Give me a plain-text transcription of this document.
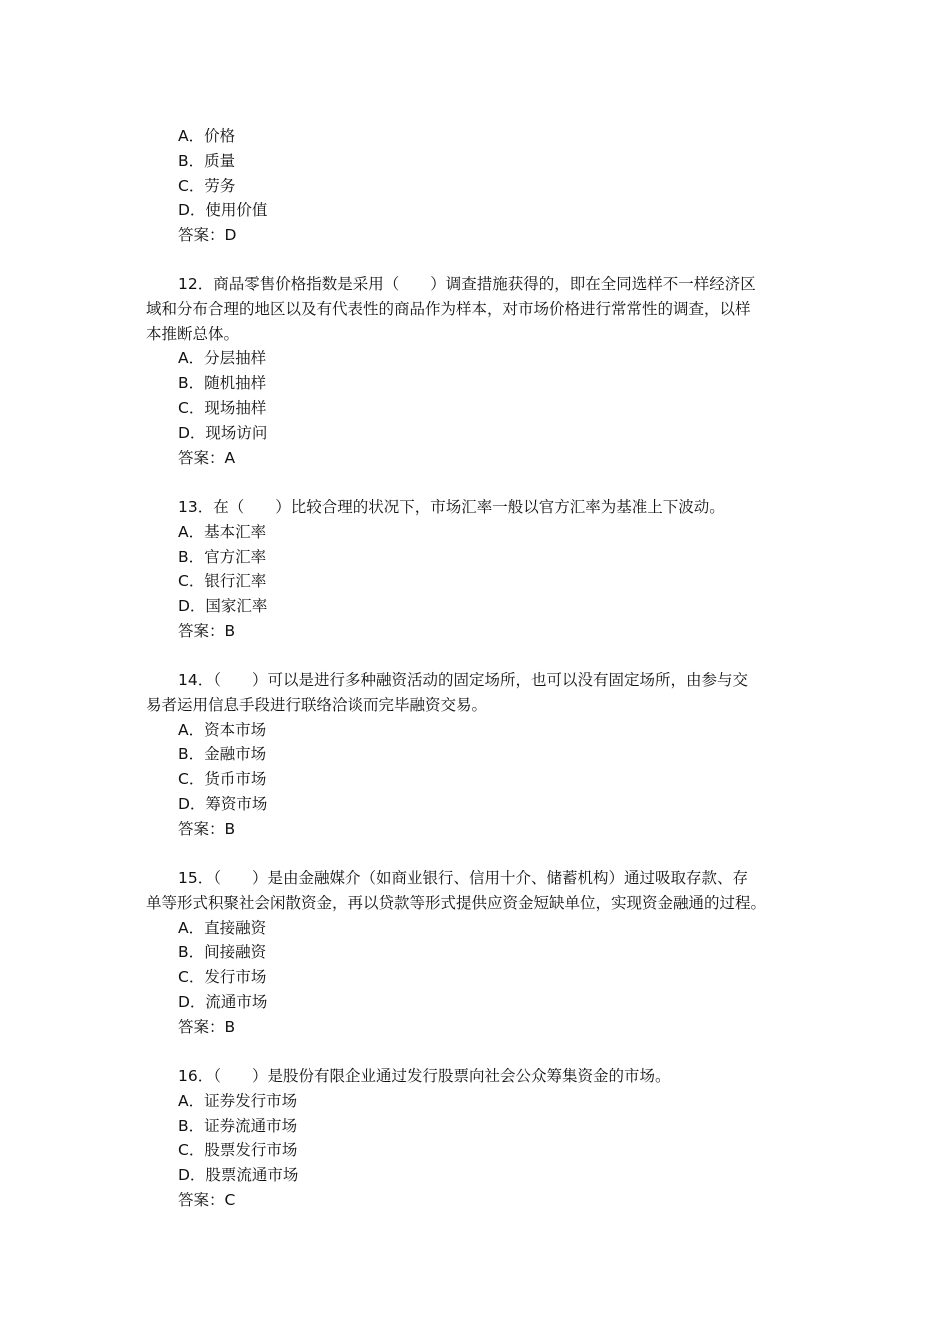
A．价格
B．质量
C．劳务
D．使用价值
答案：D
12．商品零售价格指数是采用（　　）调查措施获得的，即在全同选样不一样经济区
域和分布合理的地区以及有代表性的商品作为样本，对市场价格进行常常性的调查，以样
本推断总体。
A．分层抽样
B．随机抽样
C．现场抽样
D．现场访问
答案：A
13．在（　　）比较合理的状况下，市场汇率一般以官方汇率为基准上下波动。
A．基本汇率
B．官方汇率
C．银行汇率
D．国家汇率
答案：B
14．（　　）可以是进行多种融资活动的固定场所，也可以没有固定场所，由参与交
易者运用信息手段进行联络洽谈而完毕融资交易。
A．资本市场
B．金融市场
C．货币市场
D．筹资市场
答案：B
15．（　　）是由金融媒介（如商业银行、信用十介、储蓄机构）通过吸取存款、存
单等形式积聚社会闲散资金，再以贷款等形式提供应资金短缺单位，实现资金融通的过程。
A．直接融资
B．间接融资
C．发行市场
D．流通市场
答案：B
16．（　　）是股份有限企业通过发行股票向社会公众筹集资金的市场。
A．证券发行市场
B．证券流通市场
C．股票发行市场
D．股票流通市场
答案：C
